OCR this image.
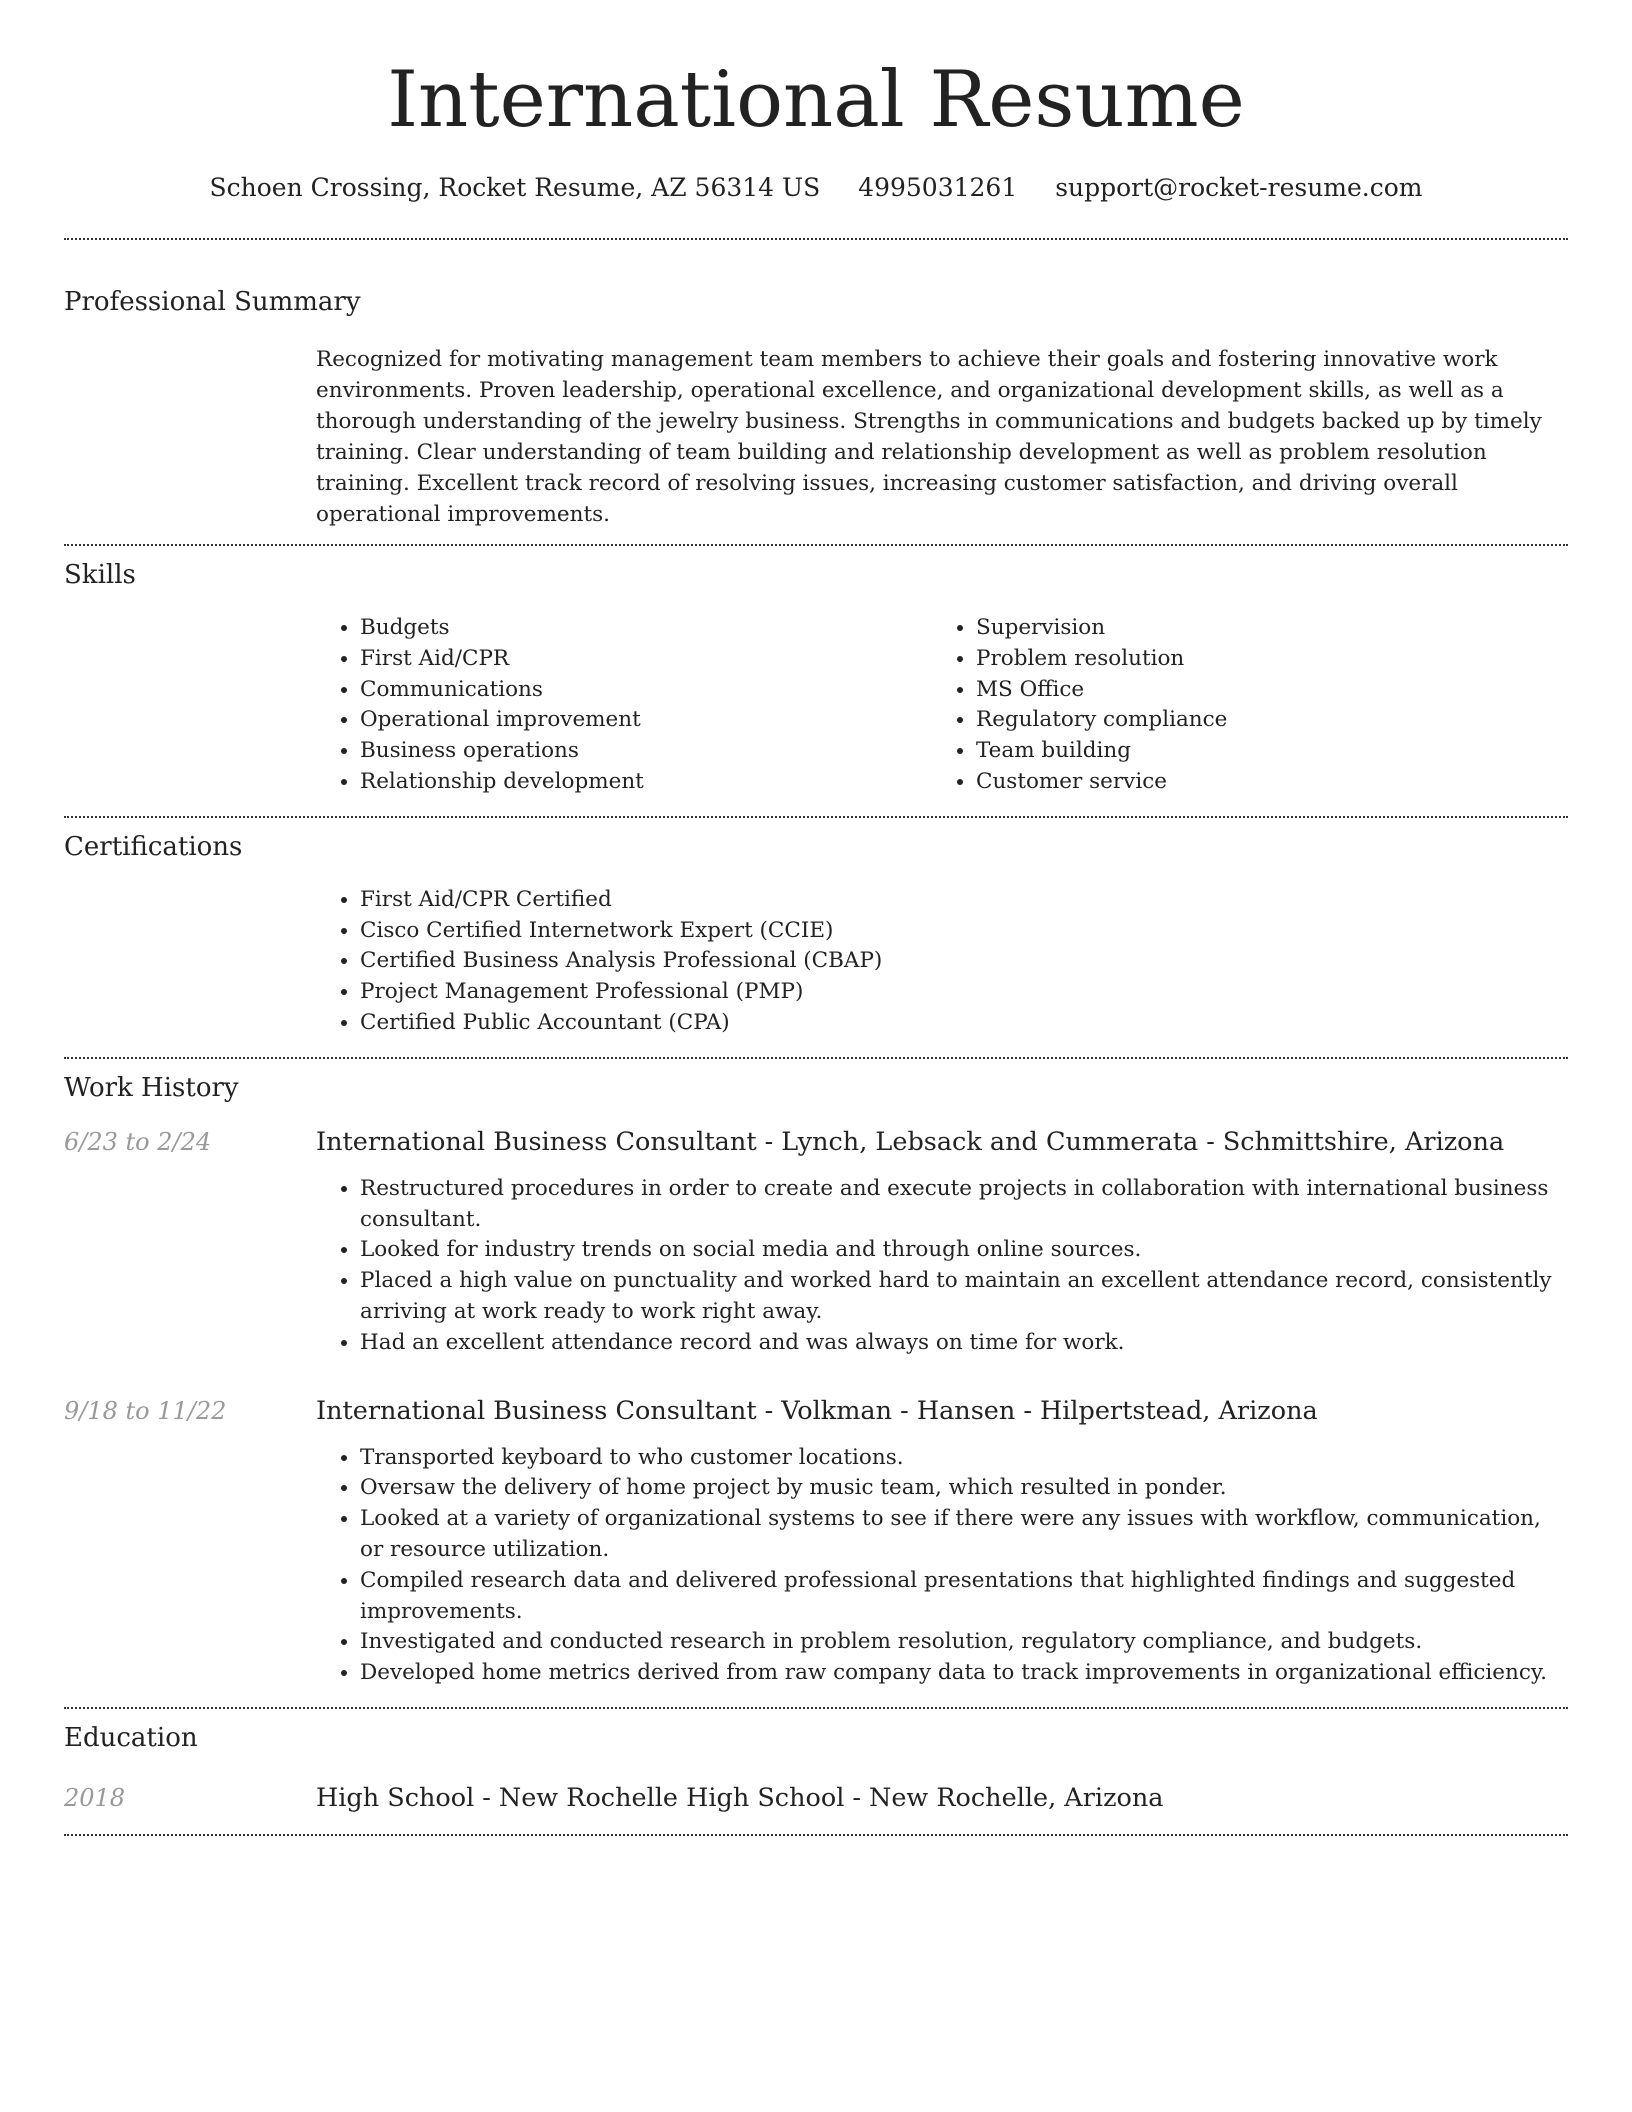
International Resume
Schoen Crossing, Rocket Resume, AZ 56314 US 4995031261 support@rocket-resume.com
Professional Summary

Recognized for motivating management team members to achieve their goals and fostering innovative work environments. Proven leadership, operational excellence, and organizational development skills, as well as a thorough understanding of the jewelry business. Strengths in communications and budgets backed up by timely training. Clear understanding of team building and relationship development as well as problem resolution training. Excellent track record of resolving issues, increasing customer satisfaction, and driving overall operational improvements.

Skills
• Budgets
• First Aid/CPR
• Communications
• Operational improvement
• Business operations
• Relationship development
• Supervision
• Problem resolution
• MS Office
• Regulatory compliance
• Team building
• Customer service
Certifications
• First Aid/CPR Certified
• Cisco Certified Internetwork Expert (CCIE)
• Certified Business Analysis Professional (CBAP)
• Project Management Professional (PMP)
• Certified Public Accountant (CPA)
Work History
6/23 to 2/24	International Business Consultant - Lynch, Lebsack and Cummerata - Schmittshire, Arizona
• Restructured procedures in order to create and execute projects in collaboration with international business consultant.
• Looked for industry trends on social media and through online sources.
• Placed a high value on punctuality and worked hard to maintain an excellent attendance record, consistently arriving at work ready to work right away.
• Had an excellent attendance record and was always on time for work.
9/18 to 11/22	International Business Consultant - Volkman - Hansen - Hilpertstead, Arizona
• Transported keyboard to who customer locations.
• Oversaw the delivery of home project by music team, which resulted in ponder.
• Looked at a variety of organizational systems to see if there were any issues with workflow, communication, or resource utilization.
• Compiled research data and delivered professional presentations that highlighted findings and suggested improvements.
• Investigated and conducted research in problem resolution, regulatory compliance, and budgets.
• Developed home metrics derived from raw company data to track improvements in organizational efficiency.
Education
2018	High School - New Rochelle High School - New Rochelle, Arizona
